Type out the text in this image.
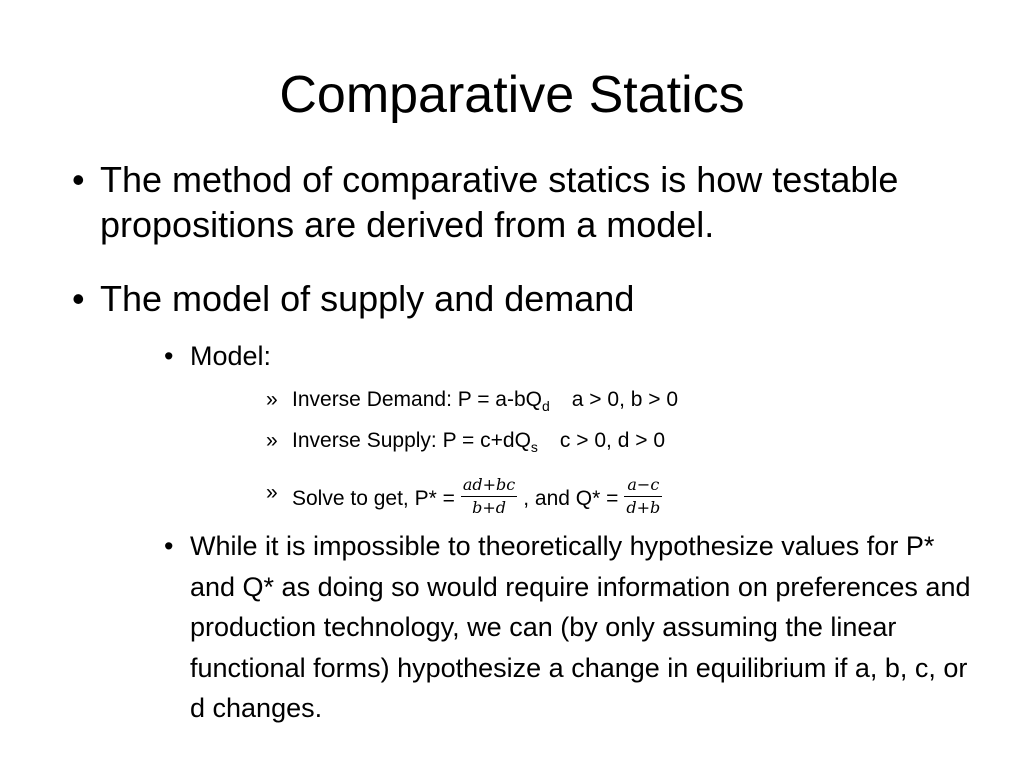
Comparative Statics
• The method of comparative statics is how testable propositions are derived from a model.
• The model of supply and demand
• Model:
» Inverse Demand: $P = a-bQ_d$ a > 0, b > 0
» Inverse Supply: $P = c+dQ_s$ c > 0, d > 0
» Solve to get, $P* = \frac{ad+bc}{b+d}$ , and $Q* = \frac{a-c}{d+b}$
• While it is impossible to theoretically hypothesize values for P* and Q* as doing so would require information on preferences and production technology, we can (by only assuming the linear functional forms) hypothesize a change in equilibrium if a, b, c, or d changes.
